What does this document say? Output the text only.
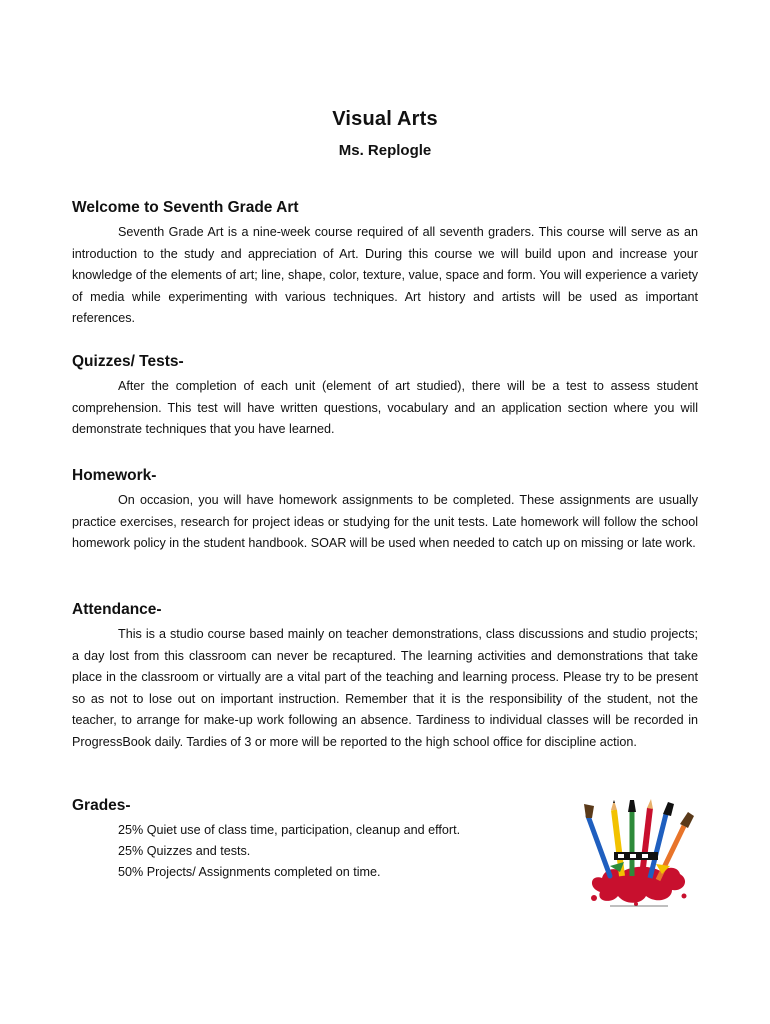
Visual Arts
Ms. Replogle
Welcome to Seventh Grade Art

Seventh Grade Art is a nine-week course required of all seventh graders. This course will serve as an introduction to the study and appreciation of Art. During this course we will build upon and increase your knowledge of the elements of art; line, shape, color, texture, value, space and form. You will experience a variety of media while experimenting with various techniques. Art history and artists will be used as important references.

Quizzes/ Tests-

After the completion of each unit (element of art studied), there will be a test to assess student comprehension. This test will have written questions, vocabulary and an application section where you will demonstrate techniques that you have learned.

Homework-

On occasion, you will have homework assignments to be completed. These assignments are usually practice exercises, research for project ideas or studying for the unit tests. Late homework will follow the school homework policy in the student handbook. SOAR will be used when needed to catch up on missing or late work.

Attendance-

This is a studio course based mainly on teacher demonstrations, class discussions and studio projects; a day lost from this classroom can never be recaptured. The learning activities and demonstrations that take place in the classroom or virtually are a vital part of the teaching and learning process. Please try to be present so as not to lose out on important instruction. Remember that it is the responsibility of the student, not the teacher, to arrange for make-up work following an absence. Tardiness to individual classes will be recorded in ProgressBook daily. Tardies of 3 or more will be reported to the high school office for discipline action.

Grades-
25% Quiet use of class time, participation, cleanup and effort.
25% Quizzes and tests.
50% Projects/ Assignments completed on time.
